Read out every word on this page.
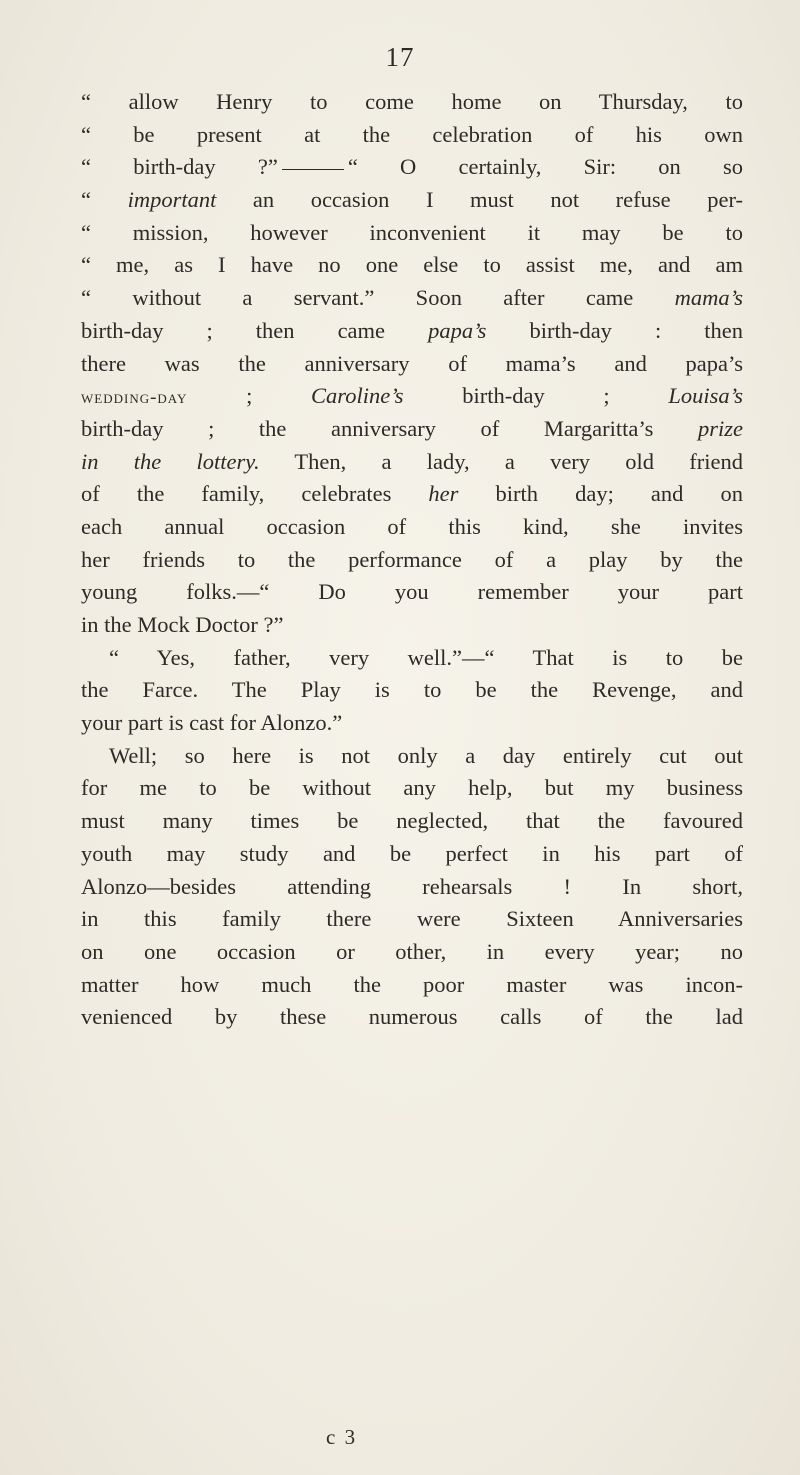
17
“ allow Henry to come home on Thursday, to
“ be present at the celebration of his own
“ birth-day ?”	“ O certainly, Sir: on so
“ important an occasion I must not refuse per-
“ mission, however inconvenient it may be to
“ me, as I have no one else to assist me, and am
“ without a servant.” Soon after came mama’s
birth-day ; then came papa’s birth-day : then
there was the anniversary of mama’s and papa’s
wedding-day ; Caroline’s birth-day ; Louisa’s
birth-day ; the anniversary of Margaritta’s prize
in the lottery. Then, a lady, a very old friend
of the family, celebrates her birth day; and on
each annual occasion of this kind, she invites
her friends to the performance of a play by the
young folks.—“ Do you remember your part
in the Mock Doctor ?”
“ Yes, father, very well.”—“ That is to be
the Farce. The Play is to be the Revenge, and
your part is cast for Alonzo.”
Well; so here is not only a day entirely cut out
for me to be without any help, but my business
must many times be neglected, that the favoured
youth may study and be perfect in his part of
Alonzo—besides attending rehearsals ! In short,
in this family there were Sixteen Anniversaries
on one occasion or other, in every year; no
matter how much the poor master was incon-
venienced by these numerous calls of the lad
c 3
